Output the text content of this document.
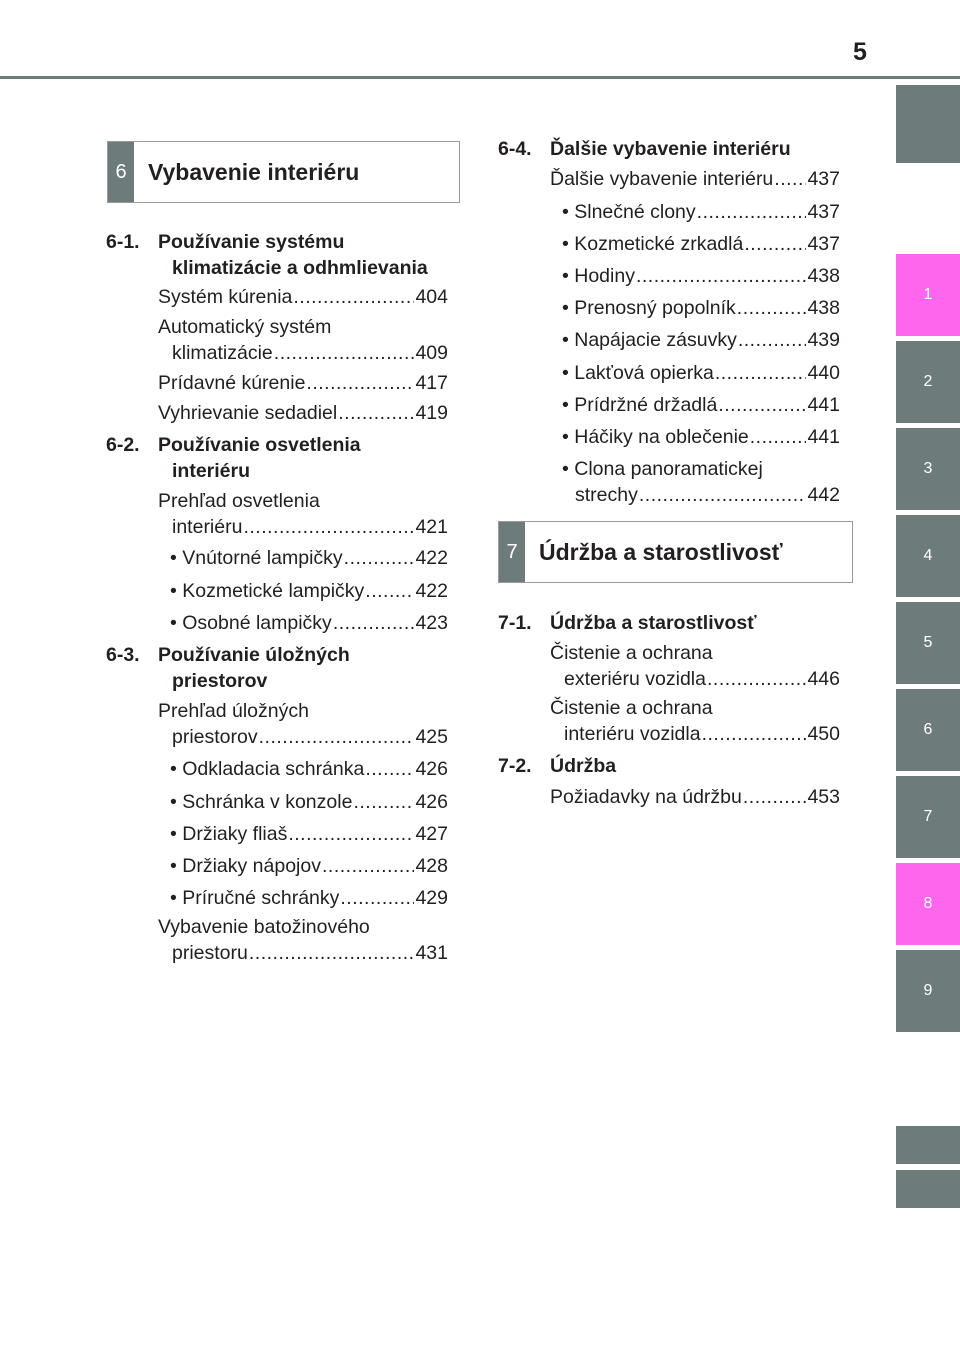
5
1
2
3
4
5
6
7
8
9
6 Vybavenie interiéru
6-1. Používanie systému
klimatizácie a odhmlievania
Systém kúrenia .....	404
Automatický systém
klimatizácie .....	409
Prídavné kúrenie .....	417
Vyhrievanie sedadiel .....	419
6-2. Používanie osvetlenia
interiéru
Prehľad osvetlenia
interiéru .....	421
• Vnútorné lampičky .....	422
• Kozmetické lampičky .....	422
• Osobné lampičky .....	423
6-3. Používanie úložných
priestorov
Prehľad úložných
priestorov .....	425
• Odkladacia schránka .....	426
• Schránka v konzole .....	426
• Držiaky fliaš .....	427
• Držiaky nápojov .....	428
• Príručné schránky .....	429
Vybavenie batožinového
priestoru .....	431
6-4. Ďalšie vybavenie interiéru
Ďalšie vybavenie interiéru ..... 437
• Slnečné clony .....	437
• Kozmetické zrkadlá .....	437
• Hodiny .....	438
• Prenosný popolník .....	438
• Napájacie zásuvky .....	439
• Lakťová opierka .....	440
• Prídržné držadlá .....	441
• Háčiky na oblečenie .....	441
• Clona panoramatickej
strechy .....	442
7 Údržba a starostlivosť
7-1. Údržba a starostlivosť
Čistenie a ochrana
exteriéru vozidla .....	446
Čistenie a ochrana
interiéru vozidla .....	450
7-2. Údržba
Požiadavky na údržbu .....	453
